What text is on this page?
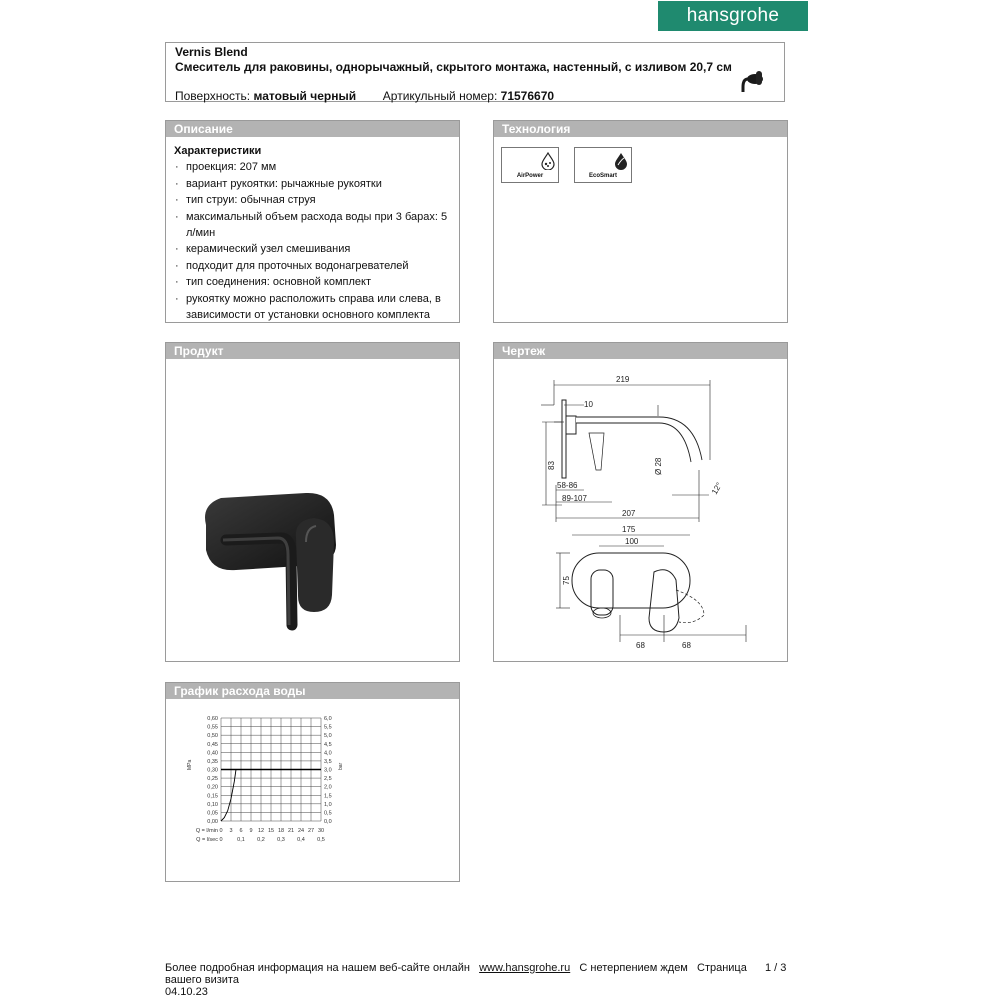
hansgrohe
Vernis Blend
Смеситель для раковины, однорычажный, скрытого монтажа, настенный, с изливом 20,7 см
Поверхность: матовый черный Артикульный номер: 71576670
Описание
Характеристики
· проекция: 207 мм
· вариант рукоятки: рычажные рукоятки
· тип струи: обычная струя
· максимальный объем расхода воды при 3 барах: 5 л/мин
· керамический узел смешивания
· подходит для проточных водонагревателей
· тип соединения: основной комплект
· рукоятку можно расположить справа или слева, в зависимости от установки основного комплекта
Технология
AirPower	EcoSmart
Продукт	Чертеж
219
10
Ø 28
83
12°
58-86
89-107
207
175
100
75
68	68
График расхода воды
0,60
0,55
0,50
0,45
0,40
0,35
0,30
0,25
0,20
0,15
0,10
0,05
0,00
6,0
5,5
5,0
4,5
4,0
3,5
3,0
2,5
2,0
1,5
1,0
0,5
0,0
MPa	bar
Q = l/min 0 3 6 9 12 15 18 21 24 27 30
Q = l/sec 0	0,1 0,2 0,3 0,4 0,5
Более подробная информация на нашем веб-сайте онлайн www.hansgrohe.ru С нетерпением ждем вашего визита
04.10.23
Страница 1 / 3
